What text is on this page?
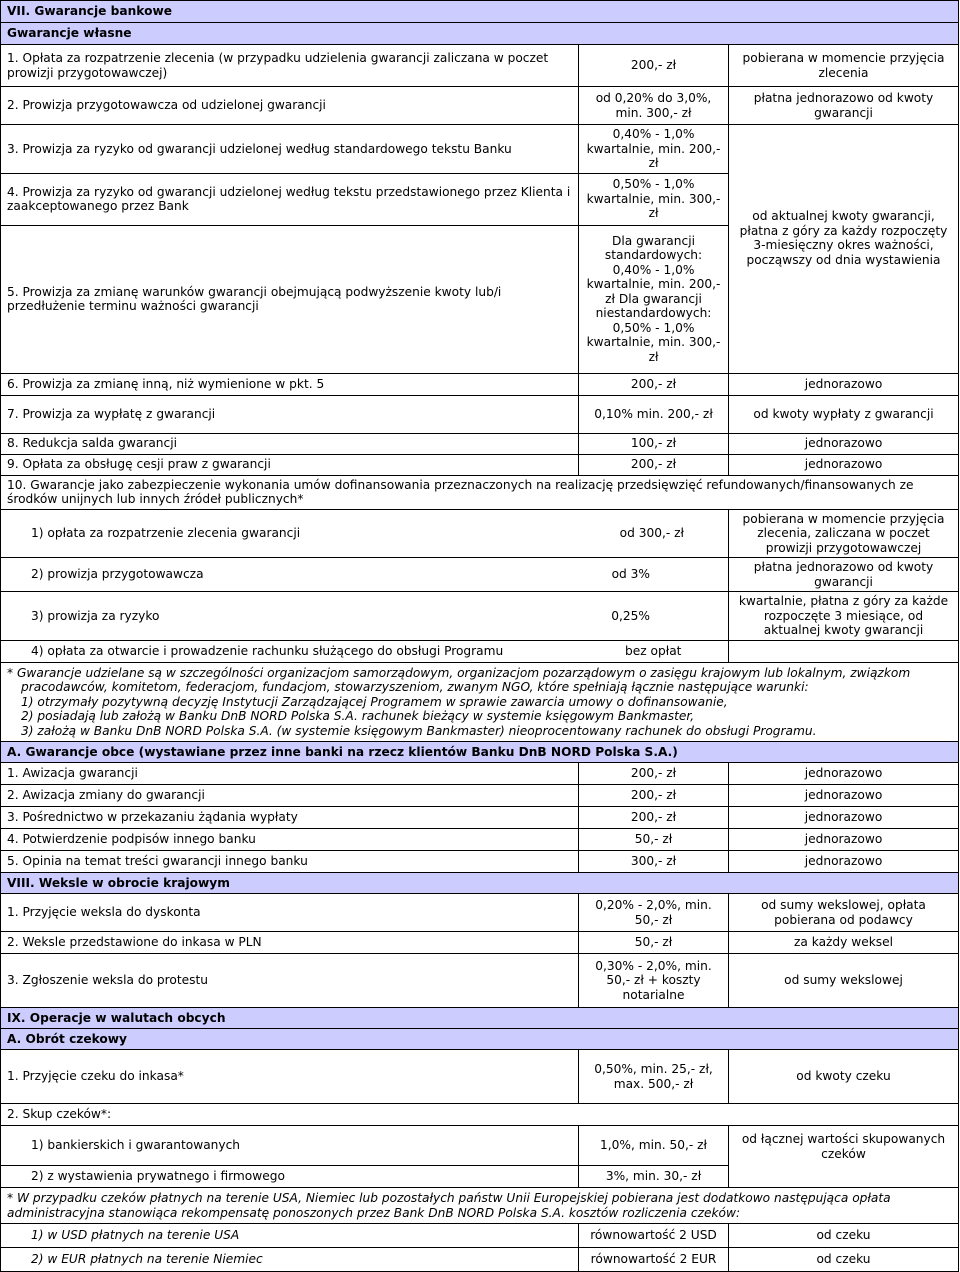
VII. Gwarancje bankowe		
Gwarancje własne		
1. Opłata za rozpatrzenie zlecenia (w przypadku udzielenia gwarancji zaliczana w poczet prowizji przygotowawczej)	200,- zł	pobierana w momencie przyjęcia zlecenia
2. Prowizja przygotowawcza od udzielonej gwarancji	od 0,20% do 3,0%, min. 300,- zł	płatna jednorazowo od kwoty gwarancji
3. Prowizja za ryzyko od gwarancji udzielonej według standardowego tekstu Banku	0,40% - 1,0% kwartalnie, min. 200,- zł	
4. Prowizja za ryzyko od gwarancji udzielonej według tekstu przedstawionego przez Klienta i zaakceptowanego przez Bank	0,50% - 1,0% kwartalnie, min. 300,- zł	od aktualnej kwoty gwarancji, płatna z góry za każdy rozpoczęty 3-miesięczny okres ważności, począwszy od dnia wystawienia
5. Prowizja za zmianę warunków gwarancji obejmującą podwyższenie kwoty lub/i przedłużenie terminu ważności gwarancji	Dla gwarancji standardowych: 0,40% - 1,0% kwartalnie, min. 200,- zł Dla gwarancji niestandardowych: 0,50% - 1,0% kwartalnie, min. 300,- zł	
6. Prowizja za zmianę inną, niż wymienione w pkt. 5	200,- zł	jednorazowo
7. Prowizja za wypłatę z gwarancji	0,10% min. 200,- zł	od kwoty wypłaty z gwarancji
8. Redukcja salda gwarancji	100,- zł	jednorazowo
9. Opłata za obsługę cesji praw z gwarancji	200,- zł	jednorazowo
10. Gwarancje jako zabezpieczenie wykonania umów dofinansowania przeznaczonych na realizację przedsięwzięć refundowanych/finansowanych ze środków unijnych lub innych źródeł publicznych*		
1) opłata za rozpatrzenie zlecenia gwarancji	od 300,- zł	pobierana w momencie przyjęcia zlecenia, zaliczana w poczet prowizji przygotowawczej
2) prowizja przygotowawcza	od 3%	płatna jednorazowo od kwoty gwarancji
3) prowizja za ryzyko	0,25%	kwartalnie, płatna z góry za każde rozpoczęte 3 miesiące, od aktualnej kwoty gwarancji
4) opłata za otwarcie i prowadzenie rachunku służącego do obsługi Programu	bez opłat	

* Gwarancje udzielane są w szczególności organizacjom samorządowym, organizacjom pozarządowym o zasięgu krajowym lub lokalnym, związkom

pracodawców, komitetom, federacjom, fundacjom, stowarzyszeniom, zwanym NGO, które spełniają łącznie następujące warunki:

1) otrzymały pozytywną decyzję Instytucji Zarządzającej Programem w sprawie zawarcia umowy o dofinansowanie,

2) posiadają lub założą w Banku DnB NORD Polska S.A. rachunek bieżący w systemie księgowym Bankmaster,

3) założą w Banku DnB NORD Polska S.A. (w systemie księgowym Bankmaster) nieoprocentowany rachunek do obsługi Programu.		

A. Gwarancje obce (wystawiane przez inne banki na rzecz klientów Banku DnB NORD Polska S.A.)		
1. Awizacja gwarancji	200,- zł	jednorazowo
2. Awizacja zmiany do gwarancji	200,- zł	jednorazowo
3. Pośrednictwo w przekazaniu żądania wypłaty	200,- zł	jednorazowo
4. Potwierdzenie podpisów innego banku	50,- zł	jednorazowo
5. Opinia na temat treści gwarancji innego banku	300,- zł	jednorazowo
VIII. Weksle w obrocie krajowym		
1. Przyjęcie weksla do dyskonta	0,20% - 2,0%, min. 50,- zł	od sumy wekslowej, opłata pobierana od podawcy
2. Weksle przedstawione do inkasa w PLN	50,- zł	za każdy weksel
3. Zgłoszenie weksla do protestu	0,30% - 2,0%, min. 50,- zł + koszty notarialne	od sumy wekslowej
IX. Operacje w walutach obcych		
A. Obrót czekowy		
1. Przyjęcie czeku do inkasa*	0,50%, min. 25,- zł, max. 500,- zł	od kwoty czeku
2. Skup czeków*:		
1) bankierskich i gwarantowanych	1,0%, min. 50,- zł	od łącznej wartości skupowanych czeków
2) z wystawienia prywatnego i firmowego	3%, min. 30,- zł	

* W przypadku czeków płatnych na terenie USA, Niemiec lub pozostałych państw Unii Europejskiej pobierana jest dodatkowo następująca opłata

administracyjna stanowiąca rekompensatę ponoszonych przez Bank DnB NORD Polska S.A. kosztów rozliczenia czeków:		

1) w USD płatnych na terenie USA	równowartość 2 USD	od czeku
2) w EUR płatnych na terenie Niemiec	równowartość 2 EUR	od czeku
